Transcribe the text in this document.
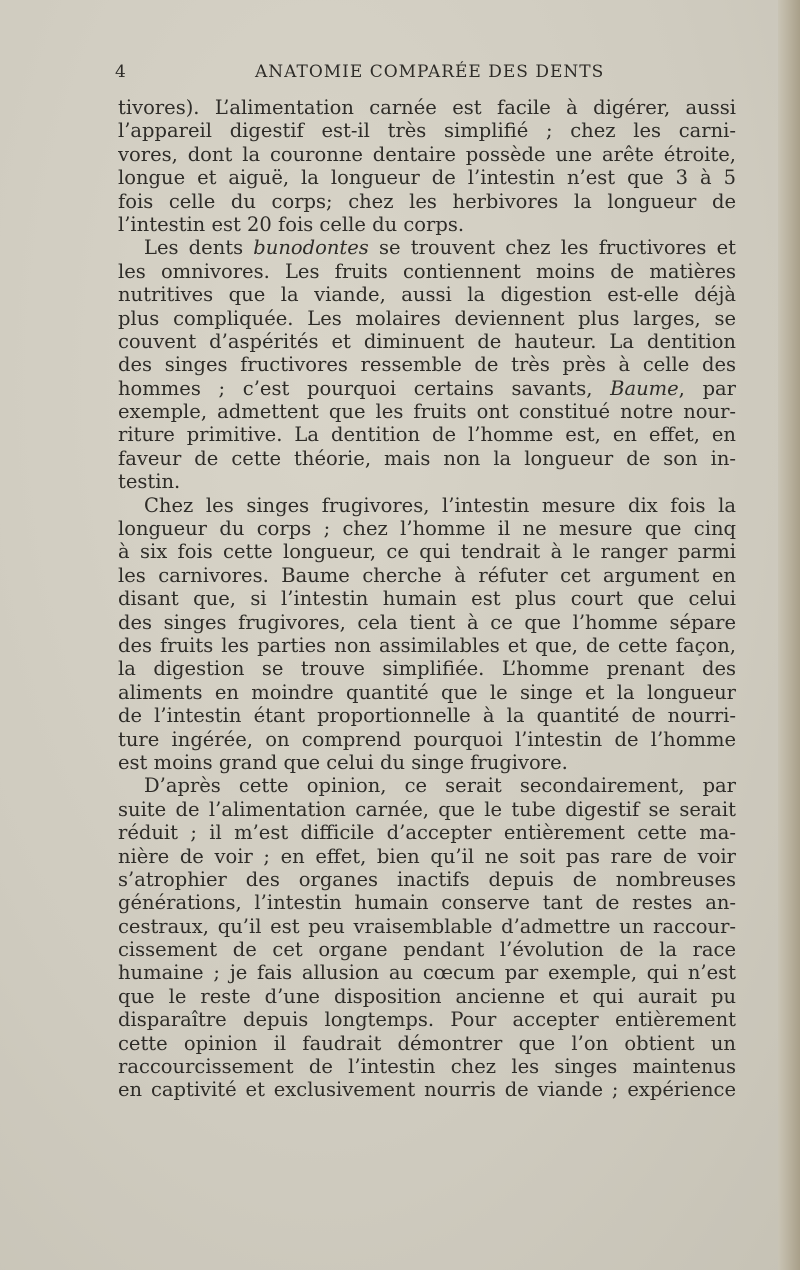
4	ANATOMIE COMPARÉE DES DENTS
tivores). L’alimentation carnée est facile à digérer, aussi
l’appareil digestif est-il très simplifié ; chez les carni-
vores, dont la couronne dentaire possède une arête étroite,
longue et aiguë, la longueur de l’intestin n’est que 3 à 5
fois celle du corps; chez les herbivores la longueur de
l’intestin est 20 fois celle du corps.
Les dents bunodontes se trouvent chez les fructivores et
les omnivores. Les fruits contiennent moins de matières
nutritives que la viande, aussi la digestion est-elle déjà
plus compliquée. Les molaires deviennent plus larges, se
couvent d’aspérités et diminuent de hauteur. La dentition
des singes fructivores ressemble de très près à celle des
hommes ; c’est pourquoi certains savants, Baume, par
exemple, admettent que les fruits ont constitué notre nour-
riture primitive. La dentition de l’homme est, en effet, en
faveur de cette théorie, mais non la longueur de son in-
testin.
Chez les singes frugivores, l’intestin mesure dix fois la
longueur du corps ; chez l’homme il ne mesure que cinq
à six fois cette longueur, ce qui tendrait à le ranger parmi
les carnivores. Baume cherche à réfuter cet argument en
disant que, si l’intestin humain est plus court que celui
des singes frugivores, cela tient à ce que l’homme sépare
des fruits les parties non assimilables et que, de cette façon,
la digestion se trouve simplifiée. L’homme prenant des
aliments en moindre quantité que le singe et la longueur
de l’intestin étant proportionnelle à la quantité de nourri-
ture ingérée, on comprend pourquoi l’intestin de l’homme
est moins grand que celui du singe frugivore.
D’après cette opinion, ce serait secondairement, par
suite de l’alimentation carnée, que le tube digestif se serait
réduit ; il m’est difficile d’accepter entièrement cette ma-
nière de voir ; en effet, bien qu’il ne soit pas rare de voir
s’atrophier des organes inactifs depuis de nombreuses
générations, l’intestin humain conserve tant de restes an-
cestraux, qu’il est peu vraisemblable d’admettre un raccour-
cissement de cet organe pendant l’évolution de la race
humaine ; je fais allusion au cœcum par exemple, qui n’est
que le reste d’une disposition ancienne et qui aurait pu
disparaître depuis longtemps. Pour accepter entièrement
cette opinion il faudrait démontrer que l’on obtient un
raccourcissement de l’intestin chez les singes maintenus
en captivité et exclusivement nourris de viande ; expérience
